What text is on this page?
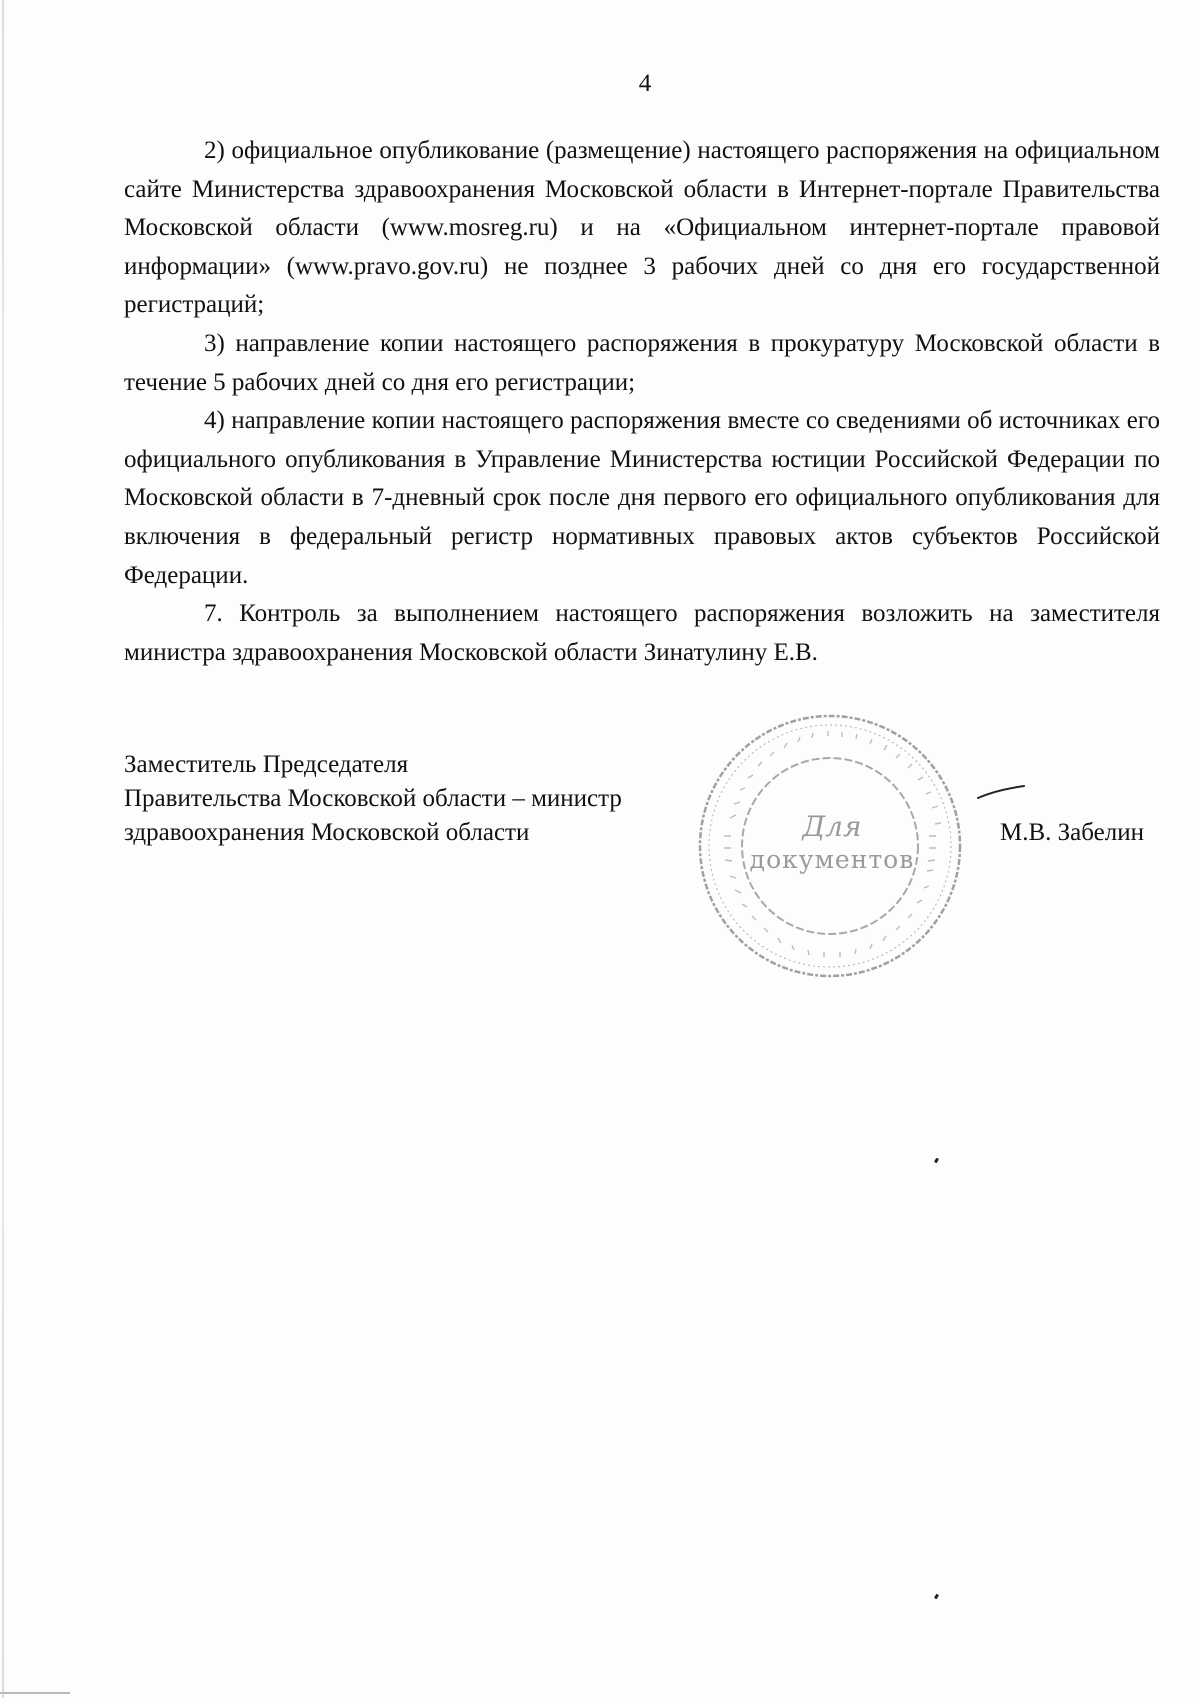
4

2) официальное опубликование (размещение) настоящего распоряжения на официальном сайте Министерства здравоохранения Московской области в Интернет-портале Правительства Московской области (www.mosreg.ru) и на «Официальном интернет-портале правовой информации» (www.pravo.gov.ru) не позднее 3 рабочих дней со дня его государственной регистраций;

3) направление копии настоящего распоряжения в прокуратуру Московской области в течение 5 рабочих дней со дня его регистрации;

4) направление копии настоящего распоряжения вместе со сведениями об источниках его официального опубликования в Управление Министерства юстиции Российской Федерации по Московской области в 7-дневный срок после дня первого его официального опубликования для включения в федеральный регистр нормативных правовых актов субъектов Российской Федерации.

7. Контроль за выполнением настоящего распоряжения возложить на заместителя министра здравоохранения Московской области Зинатулину Е.В.

Заместитель Председателя
Правительства Московской области – министр
здравоохранения Московской области	Для
документов
М.В. Забелин
